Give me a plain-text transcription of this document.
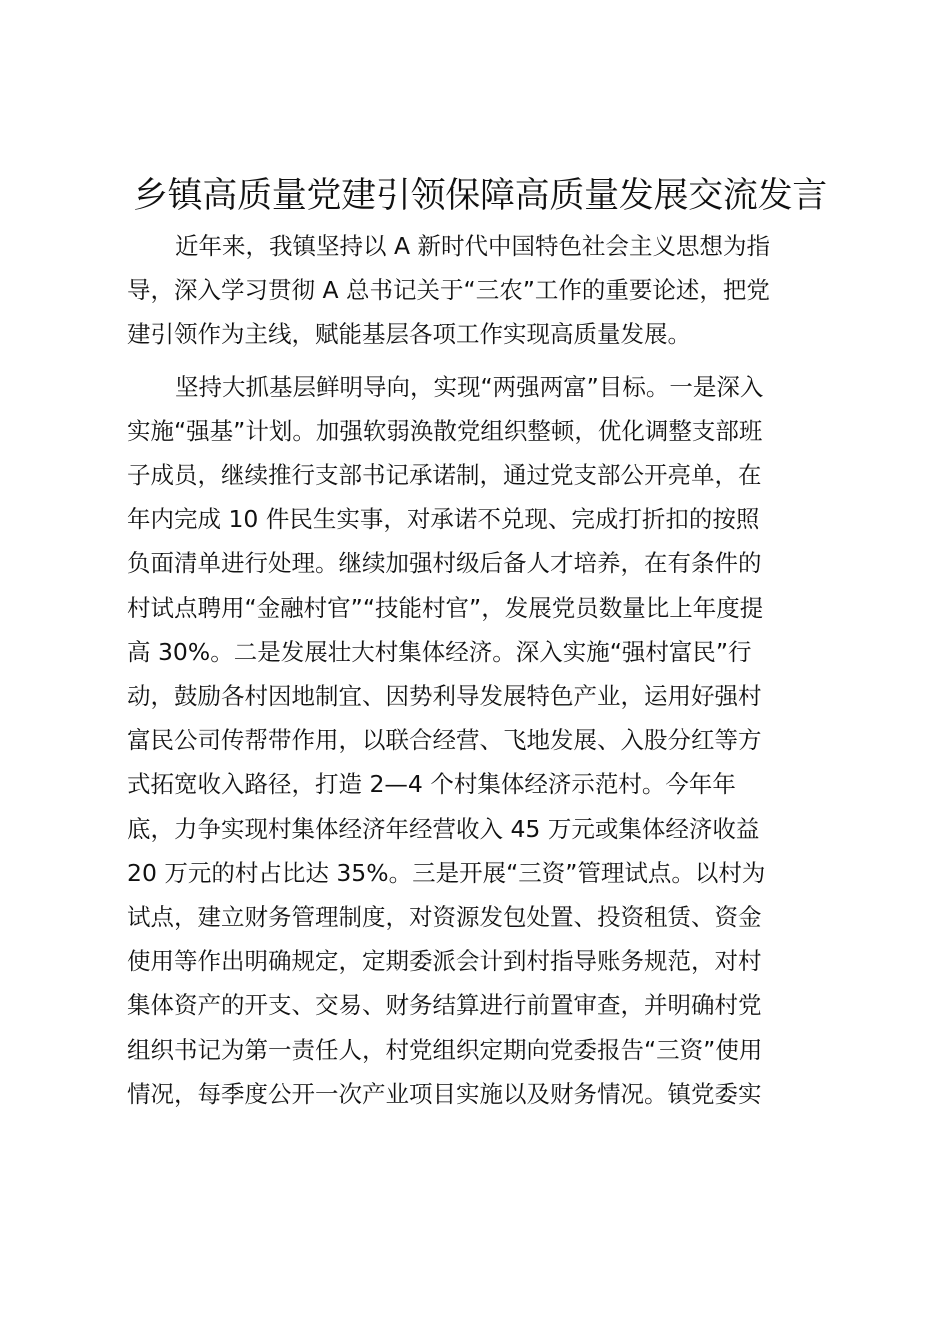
乡镇高质量党建引领保障高质量发展交流发言

近年来，我镇坚持以 A 新时代中国特色社会主义思想为指
导，深入学习贯彻 A 总书记关于“三农”工作的重要论述，把党
建引领作为主线，赋能基层各项工作实现高质量发展。

坚持大抓基层鲜明导向，实现“两强两富”目标。一是深入
实施“强基”计划。加强软弱涣散党组织整顿，优化调整支部班
子成员，继续推行支部书记承诺制，通过党支部公开亮单，在
年内完成 10 件民生实事，对承诺不兑现、完成打折扣的按照
负面清单进行处理。继续加强村级后备人才培养，在有条件的
村试点聘用“金融村官”“技能村官”，发展党员数量比上年度提
高 30%。二是发展壮大村集体经济。深入实施“强村富民”行
动，鼓励各村因地制宜、因势利导发展特色产业，运用好强村
富民公司传帮带作用，以联合经营、飞地发展、入股分红等方
式拓宽收入路径，打造 2—4 个村集体经济示范村。今年年
底，力争实现村集体经济年经营收入 45 万元或集体经济收益
20 万元的村占比达 35%。三是开展“三资”管理试点。以村为
试点，建立财务管理制度，对资源发包处置、投资租赁、资金
使用等作出明确规定，定期委派会计到村指导账务规范，对村
集体资产的开支、交易、财务结算进行前置审查，并明确村党
组织书记为第一责任人，村党组织定期向党委报告“三资”使用
情况，每季度公开一次产业项目实施以及财务情况。镇党委实
